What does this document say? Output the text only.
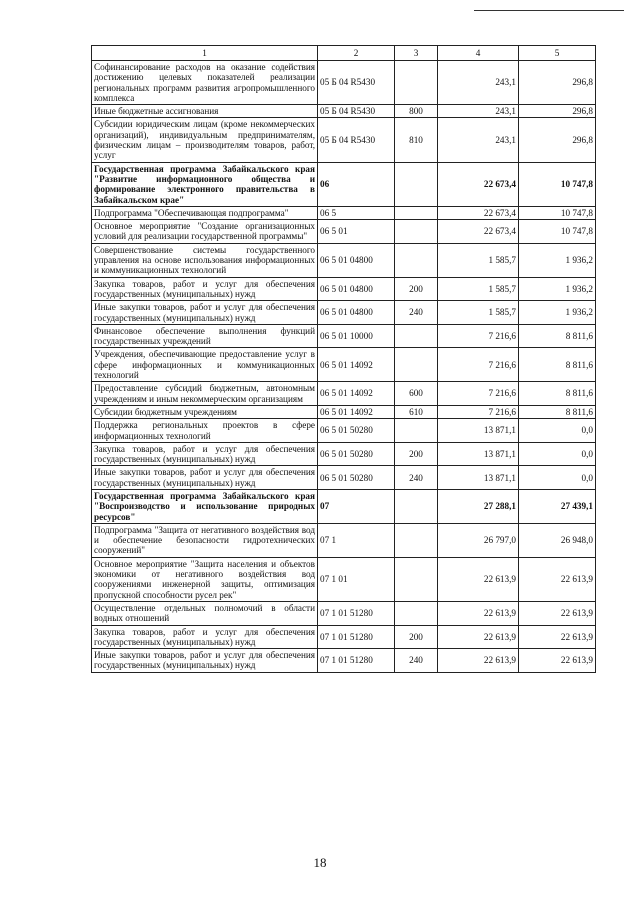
1	2	3	4	5
Софинансирование расходов на оказание содействия достижению целевых показателей реализации региональных программ развития агропромышленного комплекса	05 Б 04 R5430		243,1	296,8
Иные бюджетные ассигнования	05 Б 04 R5430	800	243,1	296,8
Субсидии юридическим лицам (кроме некоммерческих организаций), индивидуальным предпринимателям, физическим лицам – производителям товаров, работ, услуг	05 Б 04 R5430	810	243,1	296,8
Государственная программа Забайкальского края "Развитие информационного общества и формирование электронного правительства в Забайкальском крае"	06		22 673,4	10 747,8
Подпрограмма "Обеспечивающая подпрограмма"	06 5		22 673,4	10 747,8
Основное мероприятие "Создание организационных условий для реализации государственной программы"	06 5 01		22 673,4	10 747,8
Совершенствование системы государственного управления на основе использования информационных и коммуникационных технологий	06 5 01 04800		1 585,7	1 936,2
Закупка товаров, работ и услуг для обеспечения государственных (муниципальных) нужд	06 5 01 04800	200	1 585,7	1 936,2
Иные закупки товаров, работ и услуг для обеспечения государственных (муниципальных) нужд	06 5 01 04800	240	1 585,7	1 936,2
Финансовое обеспечение выполнения функций государственных учреждений	06 5 01 10000		7 216,6	8 811,6
Учреждения, обеспечивающие предоставление услуг в сфере информационных и коммуникационных технологий	06 5 01 14092		7 216,6	8 811,6
Предоставление субсидий бюджетным, автономным учреждениям и иным некоммерческим организациям	06 5 01 14092	600	7 216,6	8 811,6
Субсидии бюджетным учреждениям	06 5 01 14092	610	7 216,6	8 811,6
Поддержка региональных проектов в сфере информационных технологий	06 5 01 50280		13 871,1	0,0
Закупка товаров, работ и услуг для обеспечения государственных (муниципальных) нужд	06 5 01 50280	200	13 871,1	0,0
Иные закупки товаров, работ и услуг для обеспечения государственных (муниципальных) нужд	06 5 01 50280	240	13 871,1	0,0
Государственная программа Забайкальского края "Воспроизводство и использование природных ресурсов"	07		27 288,1	27 439,1
Подпрограмма "Защита от негативного воздействия вод и обеспечение безопасности гидротехнических сооружений"	07 1		26 797,0	26 948,0
Основное мероприятие "Защита населения и объектов экономики от негативного воздействия вод сооружениями инженерной защиты, оптимизация пропускной способности русел рек"	07 1 01		22 613,9	22 613,9
Осуществление отдельных полномочий в области водных отношений	07 1 01 51280		22 613,9	22 613,9
Закупка товаров, работ и услуг для обеспечения государственных (муниципальных) нужд	07 1 01 51280	200	22 613,9	22 613,9
Иные закупки товаров, работ и услуг для обеспечения государственных (муниципальных) нужд	07 1 01 51280	240	22 613,9	22 613,9
18
